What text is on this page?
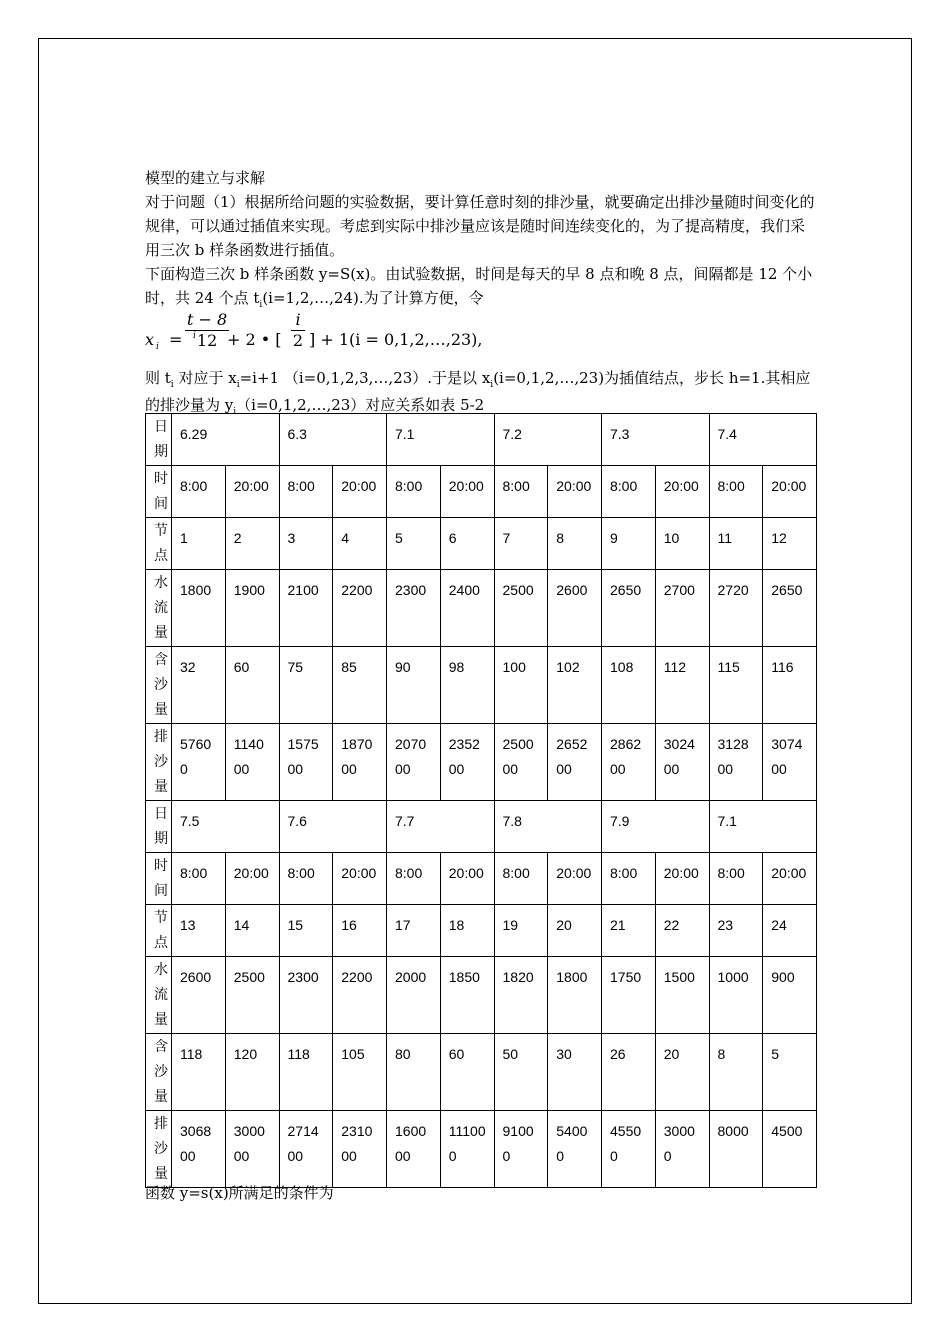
模型的建立与求解

对于问题（1）根据所给问题的实验数据，要计算任意时刻的排沙量，就要确定出排沙量随时间变化的规律，可以通过插值来实现。考虑到实际中排沙量应该是随时间连续变化的，为了提高精度，我们采用三次 b 样条函数进行插值。

下面构造三次 b 样条函数 y=S(x)。由试验数据，时间是每天的早 8 点和晚 8 点，间隔都是 12 个小时，共 24 个点 $t_i(i=1,2,\dots,24)$.为了计算方便，令

x $i = \frac{t - 8}{12}$
i + 2 • [ $\frac{i}{2}$ ] + 1(i = 0,1,2,…,23),

则 $t_i$ 对应于 $x_i=i+1$ （i=0,1,2,3,…,23）.于是以 $x_i(i=0,1,2,\dots,23)$为插值结点，步长 h=1.其相应

的排沙量为 $y_i(i=0,1,2,\dots,23)$对应关系如表 5-2

日期	6.29		6.3		7.1		7.2		7.3		7.4	
时间	8:00	20:00	8:00	20:00	8:00	20:00	8:00	20:00	8:00	20:00	8:00	20:00
节点	1	2	3	4	5	6	7	8	9	10	11	12
水流量	1800	1900	2100	2200	2300	2400	2500	2600	2650	2700	2720	2650
含沙量	32	60	75	85	90	98	100	102	108	112	115	116
排沙量	57600	114000	157500	187000	207000	235200	250000	265200	286200	302400	312800	307400
日期	7.5		7.6		7.7		7.8		7.9		7.1	
时间	8:00	20:00	8:00	20:00	8:00	20:00	8:00	20:00	8:00	20:00	8:00	20:00
节点	13	14	15	16	17	18	19	20	21	22	23	24
水流量	2600	2500	2300	2200	2000	1850	1820	1800	1750	1500	1000	900
含沙量	118	120	118	105	80	60	50	30	26	20	8	5
排沙量	306800	300000	271400	231000	160000	111000	91000	54000	45500	30000	8000	4500
函数 y=s(x)所满足的条件为
